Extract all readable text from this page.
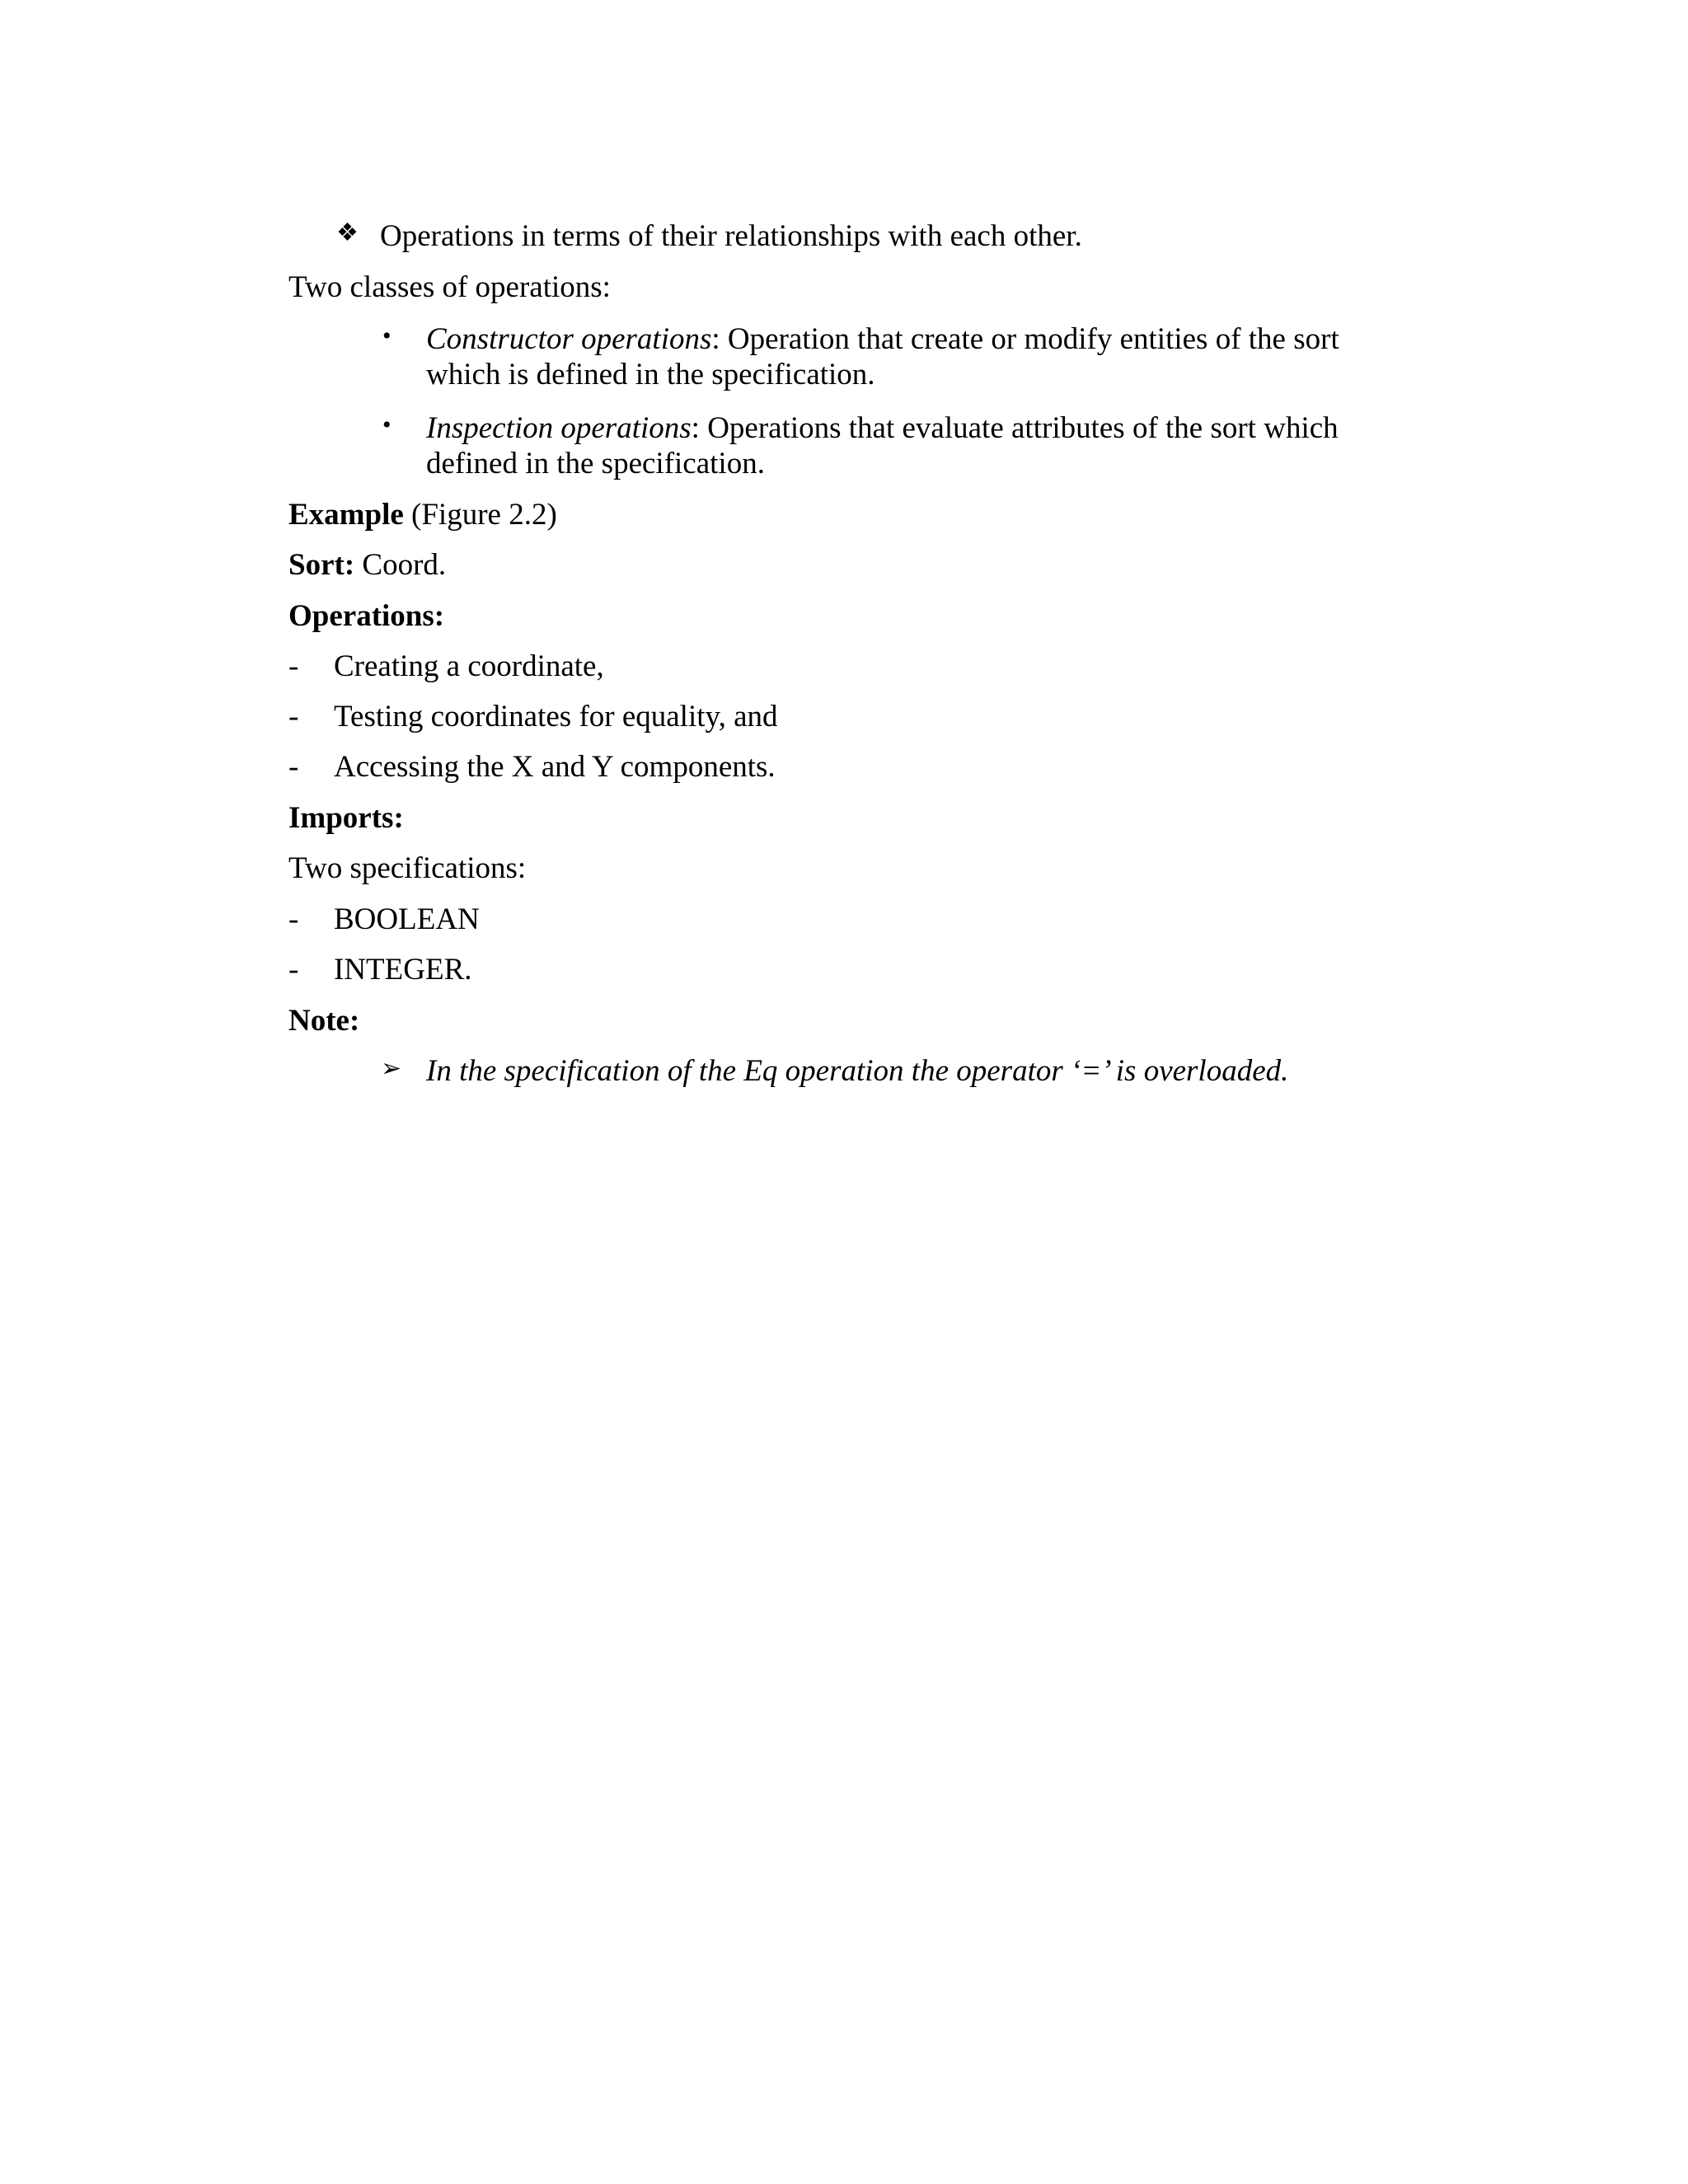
❖ Operations in terms of their relationships with each other.
Two classes of operations:
• Constructor operations: Operation that create or modify entities of the sort
which is defined in the specification.
• Inspection operations: Operations that evaluate attributes of the sort which
defined in the specification.
Example (Figure 2.2)
Sort: Coord.
Operations:
- Creating a coordinate,
- Testing coordinates for equality, and
- Accessing the X and Y components.
Imports:
Two specifications:
- BOOLEAN
- INTEGER.
Note:
➢ In the specification of the Eq operation the operator ‘=’ is overloaded.
